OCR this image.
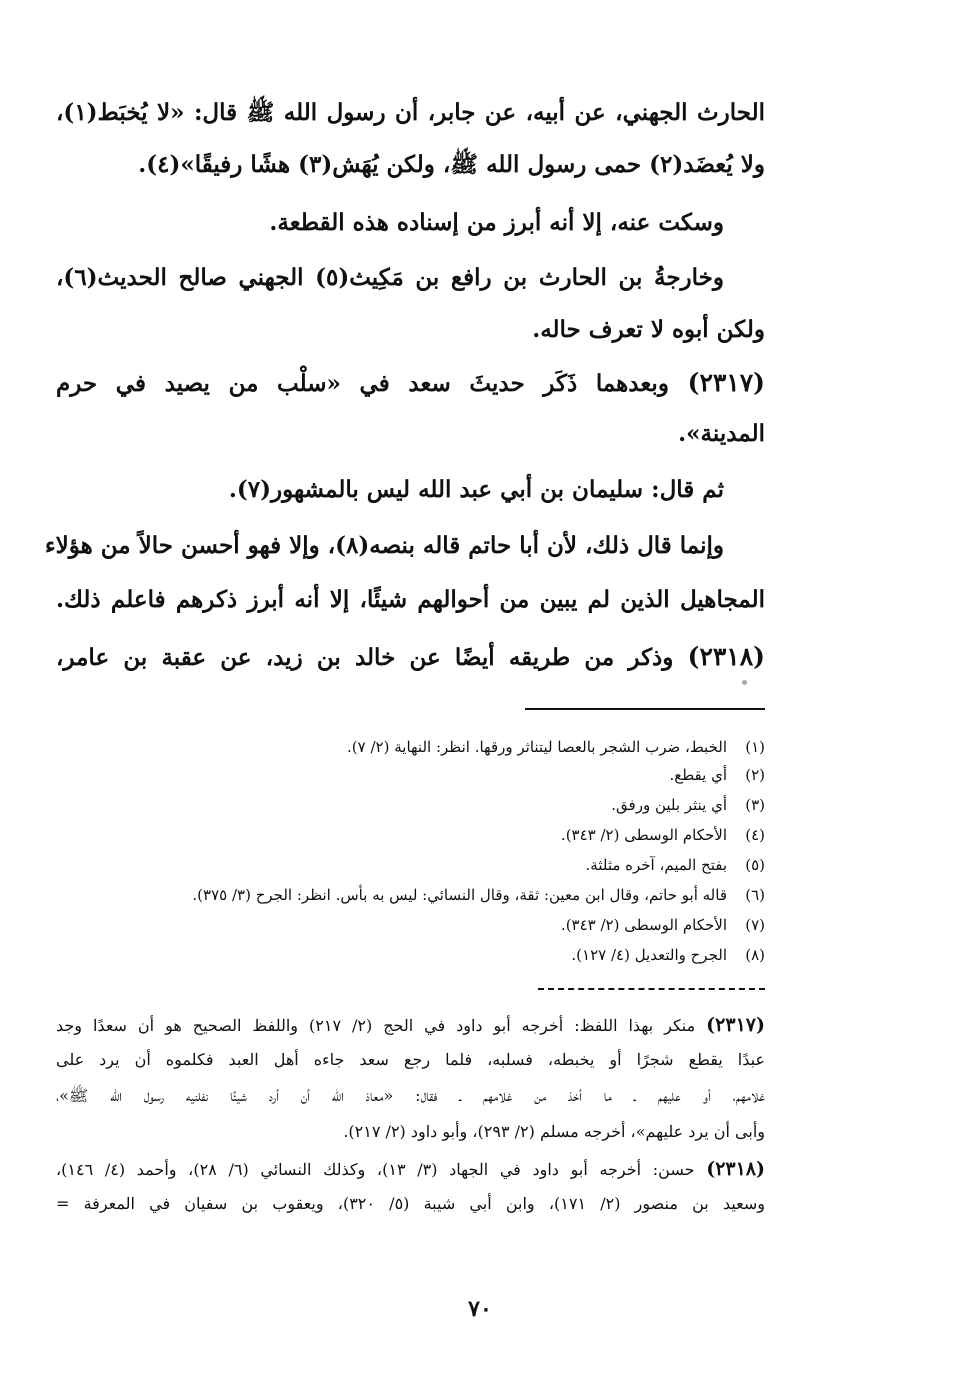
الحارث الجهني، عن أبيه، عن جابر، أن رسول الله ﷺ قال: «لا يُخبَط(١)،
ولا يُعضَد(٢) حمى رسول الله ﷺ، ولكن يُهَش(٣) هشًا رفيقًا»(٤).
وسكت عنه، إلا أنه أبرز من إسناده هذه القطعة.
وخارجةُ بن الحارث بن رافع بن مَكِيث(٥) الجهني صالح الحديث(٦)،
ولكن أبوه لا تعرف حاله.
(٢٣١٧) وبعدهما ذَكَر حديثَ سعد في «سلْب من يصيد في حرم
المدينة».
ثم قال: سليمان بن أبي عبد الله ليس بالمشهور(٧).
وإنما قال ذلك، لأن أبا حاتم قاله بنصه(٨)، وإلا فهو أحسن حالاً من هؤلاء
المجاهيل الذين لم يبين من أحوالهم شيئًا، إلا أنه أبرز ذكرهم فاعلم ذلك.
(٢٣١٨) وذكر من طريقه أيضًا عن خالد بن زيد، عن عقبة بن عامر،
(١)الخبط، ضرب الشجر بالعصا ليتناثر ورقها. انظر: النهاية (٢/ ٧).
(٢)أي يقطع.
(٣)أي ينثر بلين ورفق.
(٤)الأحكام الوسطى (٢/ ٣٤٣).
(٥)بفتح الميم، آخره مثلثة.
(٦)قاله أبو حاتم، وقال ابن معين: ثقة، وقال النسائي: ليس به بأس. انظر: الجرح (٣/ ٣٧٥).
(٧)الأحكام الوسطى (٢/ ٣٤٣).
(٨)الجرح والتعديل (٤/ ١٢٧).
(٢٣١٧) منكر بهذا اللفظ: أخرجه أبو داود في الحج (٢/ ٢١٧) واللفظ الصحيح هو أن سعدًا وجد
عبدًا يقطع شجرًا أو يخبطه، فسلبه، فلما رجع سعد جاءه أهل العبد فكلموه أن يرد على
غلامهم، أو عليهم ـ ما أخذ من غلامهم ـ فقال: «معاذ الله أن أرد شيئًا نفلنيه رسول الله ﷺ»،
وأبى أن يرد عليهم»، أخرجه مسلم (٢/ ٢٩٣)، وأبو داود (٢/ ٢١٧).
(٢٣١٨) حسن: أخرجه أبو داود في الجهاد (٣/ ١٣)، وكذلك النسائي (٦/ ٢٨)، وأحمد (٤/ ١٤٦)،
وسعيد بن منصور (٢/ ١٧١)، وابن أبي شيبة (٥/ ٣٢٠)، ويعقوب بن سفيان في المعرفة =
٧٠
